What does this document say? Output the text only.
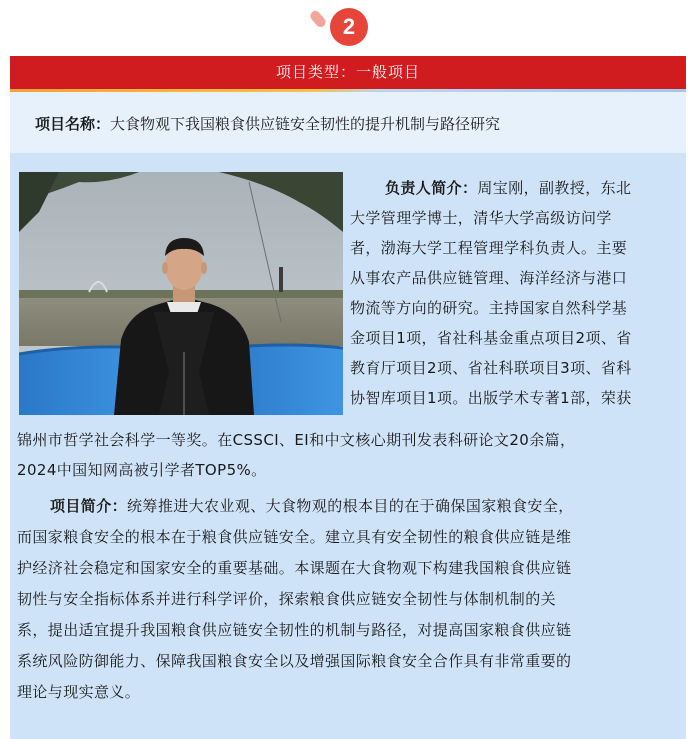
2
项目类型：一般项目
项目名称：大食物观下我国粮食供应链安全韧性的提升机制与路径研究
负责人简介：周宝刚，副教授，东北
大学管理学博士，清华大学高级访问学
者，渤海大学工程管理学科负责人。主要
从事农产品供应链管理、海洋经济与港口
物流等方向的研究。主持国家自然科学基
金项目1项，省社科基金重点项目2项、省
教育厅项目2项、省社科联项目3项、省科
协智库项目1项。出版学术专著1部，荣获
锦州市哲学社会科学一等奖。在CSSCI、EI和中文核心期刊发表科研论文20余篇，
2024中国知网高被引学者TOP5%。
项目简介：统筹推进大农业观、大食物观的根本目的在于确保国家粮食安全，
而国家粮食安全的根本在于粮食供应链安全。建立具有安全韧性的粮食供应链是维
护经济社会稳定和国家安全的重要基础。本课题在大食物观下构建我国粮食供应链
韧性与安全指标体系并进行科学评价，探索粮食供应链安全韧性与体制机制的关
系，提出适宜提升我国粮食供应链安全韧性的机制与路径，对提高国家粮食供应链
系统风险防御能力、保障我国粮食安全以及增强国际粮食安全合作具有非常重要的
理论与现实意义。
